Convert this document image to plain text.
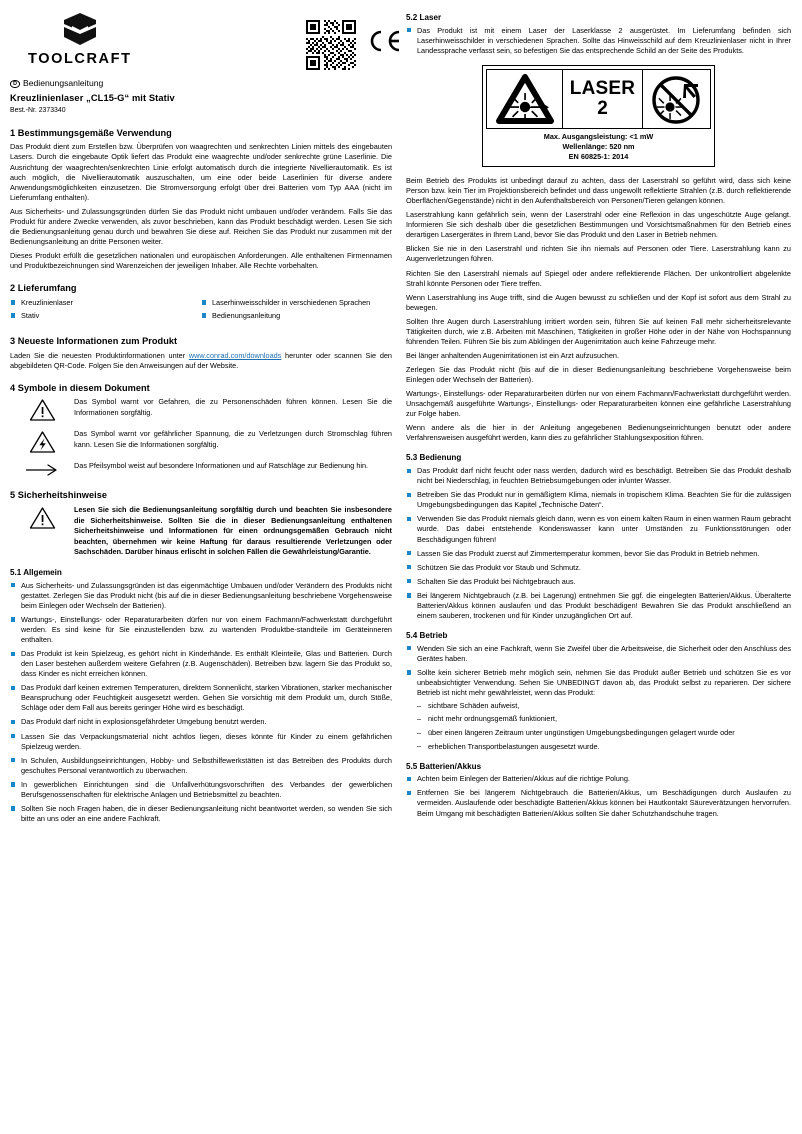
TOOLCRAFT
D Bedienungsanleitung
Kreuzlinienlaser „CL15-G“ mit Stativ
Best.-Nr. 2373340
1 Bestimmungsgemäße Verwendung

Das Produkt dient zum Erstellen bzw. Überprüfen von waagrechten und senkrechten Linien mittels des eingebauten Lasers. Durch die eingebaute Optik liefert das Produkt eine waagrechte und/oder senkrechte grüne Laserlinie. Die Ausrichtung der waagrechten/senkrechten Linie erfolgt automatisch durch die integrierte Nivellierautomatik. Es ist auch möglich, die Nivellierautomatik auszuschalten, um eine oder beide Laserlinien für diverse andere Anwendungsmöglichkeiten einzusetzen. Die Stromversorgung erfolgt über drei Batterien vom Typ AAA (nicht im Lieferumfang enthalten).

Aus Sicherheits- und Zulassungsgründen dürfen Sie das Produkt nicht umbauen und/oder verändern. Falls Sie das Produkt für andere Zwecke verwenden, als zuvor beschrieben, kann das Produkt beschädigt werden. Lesen Sie sich die Bedienungsanleitung genau durch und bewahren Sie diese auf. Reichen Sie das Produkt nur zusammen mit der Bedienungsanleitung an dritte Personen weiter.

Dieses Produkt erfüllt die gesetzlichen nationalen und europäischen Anforderungen. Alle enthaltenen Firmennamen und Produktbezeichnungen sind Warenzeichen der jeweiligen Inhaber. Alle Rechte vorbehalten.

2 Lieferumfang
Kreuzlinienlaser
Stativ
Laserhinweisschilder in verschiedenen Sprachen
Bedienungsanleitung
3 Neueste Informationen zum Produkt

Laden Sie die neuesten Produktinformationen unter www.conrad.com/downloads herunter oder scannen Sie den abgebildeten QR-Code. Folgen Sie den Anweisungen auf der Website.

4 Symbole in diesem Dokument
Das Symbol warnt vor Gefahren, die zu Personenschäden führen können. Lesen Sie die Informationen sorgfältig.
Das Symbol warnt vor gefährlicher Spannung, die zu Verletzungen durch Stromschlag führen kann. Lesen Sie die Informationen sorgfältig.
Das Pfeilsymbol weist auf besondere Informationen und auf Ratschläge zur Bedienung hin.
5 Sicherheitshinweise
Lesen Sie sich die Bedienungsanleitung sorgfältig durch und beachten Sie insbesondere die Sicherheitshinweise. Sollten Sie die in dieser Bedienungsanleitung enthaltenen Sicherheitshinweise und Informationen für einen ordnungsgemäßen Gebrauch nicht beachten, übernehmen wir keine Haftung für daraus resultierende Verletzungen oder Sachschäden. Darüber hinaus erlischt in solchen Fällen die Gewährleistung/Garantie.
5.1 Allgemein
Aus Sicherheits- und Zulassungsgründen ist das eigenmächtige Umbauen und/oder Verändern des Produkts nicht gestattet. Zerlegen Sie das Produkt nicht (bis auf die in dieser Bedienungsanleitung beschriebene Vorgehensweise beim Einlegen oder Wechseln der Batterien).
Wartungs-, Einstellungs- oder Reparaturarbeiten dürfen nur von einem Fachmann/Fachwerkstatt durchgeführt werden. Es sind keine für Sie einzustellenden bzw. zu wartenden Produktbe-standteile im Geräteinneren enthalten.
Das Produkt ist kein Spielzeug, es gehört nicht in Kinderhände. Es enthält Kleinteile, Glas und Batterien. Durch den Laser bestehen außerdem weitere Gefahren (z.B. Augenschäden). Betreiben bzw. lagern Sie das Produkt so, dass Kinder es nicht erreichen können.
Das Produkt darf keinen extremen Temperaturen, direktem Sonnenlicht, starken Vibrationen, starker mechanischer Beanspruchung oder Feuchtigkeit ausgesetzt werden. Gehen Sie vorsichtig mit dem Produkt um, durch Stöße, Schläge oder dem Fall aus bereits geringer Höhe wird es beschädigt.
Das Produkt darf nicht in explosionsgefährdeter Umgebung benutzt werden.
Lassen Sie das Verpackungsmaterial nicht achtlos liegen, dieses könnte für Kinder zu einem gefährlichen Spielzeug werden.
In Schulen, Ausbildungseinrichtungen, Hobby- und Selbsthilfewerkstätten ist das Betreiben des Produkts durch geschultes Personal verantwortlich zu überwachen.
In gewerblichen Einrichtungen sind die Unfallverhütungsvorschriften des Verbandes der gewerblichen Berufsgenossenschaften für elektrische Anlagen und Betriebsmittel zu beachten.
Sollten Sie noch Fragen haben, die in dieser Bedienungsanleitung nicht beantwortet werden, so wenden Sie sich bitte an uns oder an eine andere Fachkraft.
5.2 Laser
Das Produkt ist mit einem Laser der Laserklasse 2 ausgerüstet. Im Lieferumfang befinden sich Laserhinweisschilder in verschiedenen Sprachen. Sollte das Hinweisschild auf dem Kreuzlinienlaser nicht in Ihrer Landessprache verfasst sein, so befestigen Sie das entsprechende Schild an der Seite des Produkts.
LASER
2
Max. Ausgangsleistung: <1 mW
Wellenlänge: 520 nm
EN 60825-1: 2014

Beim Betrieb des Produkts ist unbedingt darauf zu achten, dass der Laserstrahl so geführt wird, dass sich keine Person bzw. kein Tier im Projektionsbereich befindet und dass ungewollt reflektierte Strahlen (z.B. durch reflektierende Oberflächen/Gegenstände) nicht in den Aufenthaltsbereich von Personen/Tieren gelangen können.

Laserstrahlung kann gefährlich sein, wenn der Laserstrahl oder eine Reflexion in das ungeschützte Auge gelangt. Informieren Sie sich deshalb über die gesetzlichen Bestimmungen und Vorsichtsmaßnahmen für den Betrieb eines derartigen Lasergerätes in Ihrem Land, bevor Sie das Produkt und den Laser in Betrieb nehmen.

Blicken Sie nie in den Laserstrahl und richten Sie ihn niemals auf Personen oder Tiere. Laserstrahlung kann zu Augenverletzungen führen.

Richten Sie den Laserstrahl niemals auf Spiegel oder andere reflektierende Flächen. Der unkontrolliert abgelenkte Strahl könnte Personen oder Tiere treffen.

Wenn Laserstrahlung ins Auge trifft, sind die Augen bewusst zu schließen und der Kopf ist sofort aus dem Strahl zu bewegen.

Sollten Ihre Augen durch Laserstrahlung irritiert worden sein, führen Sie auf keinen Fall mehr sicherheitsrelevante Tätigkeiten durch, wie z.B. Arbeiten mit Maschinen, Tätigkeiten in großer Höhe oder in der Nähe von Hochspannung führenden Teilen. Führen Sie bis zum Abklingen der Augenirritation auch keine Fahrzeuge mehr.

Bei länger anhaltenden Augenirritationen ist ein Arzt aufzusuchen.

Zerlegen Sie das Produkt nicht (bis auf die in dieser Bedienungsanleitung beschriebene Vorgehensweise beim Einlegen oder Wechseln der Batterien).

Wartungs-, Einstellungs- oder Reparaturarbeiten dürfen nur von einem Fachmann/Fachwerkstatt durchgeführt werden. Unsachgemäß ausgeführte Wartungs-, Einstellungs- oder Reparaturarbeiten können eine gefährliche Laserstrahlung zur Folge haben.

Wenn andere als die hier in der Anleitung angegebenen Bedienungseinrichtungen benutzt oder andere Verfahrensweisen ausgeführt werden, kann dies zu gefährlicher Stahlungsexposition führen.

5.3 Bedienung
Das Produkt darf nicht feucht oder nass werden, dadurch wird es beschädigt. Betreiben Sie das Produkt deshalb nicht bei Niederschlag, in feuchten Betriebsumgebungen oder in/unter Wasser.
Betreiben Sie das Produkt nur in gemäßigtem Klima, niemals in tropischem Klima. Beachten Sie für die zulässigen Umgebungsbedingungen das Kapitel „Technische Daten“.
Verwenden Sie das Produkt niemals gleich dann, wenn es von einem kalten Raum in einen warmen Raum gebracht wurde. Das dabei entstehende Kondenswasser kann unter Umständen zu Funktionsstörungen oder Beschädigungen führen!
Lassen Sie das Produkt zuerst auf Zimmertemperatur kommen, bevor Sie das Produkt in Betrieb nehmen.
Schützen Sie das Produkt vor Staub und Schmutz.
Schalten Sie das Produkt bei Nichtgebrauch aus.
Bei längerem Nichtgebrauch (z.B. bei Lagerung) entnehmen Sie ggf. die eingelegten Batterien/Akkus. Überalterte Batterien/Akkus können auslaufen und das Produkt beschädigen! Bewahren Sie das Produkt anschließend an einem sauberen, trockenen und für Kinder unzugänglichen Ort auf.
5.4 Betrieb
Wenden Sie sich an eine Fachkraft, wenn Sie Zweifel über die Arbeitsweise, die Sicherheit oder den Anschluss des Gerätes haben.
Sollte kein sicherer Betrieb mehr möglich sein, nehmen Sie das Produkt außer Betrieb und schützen Sie es vor unbeabsichtigter Verwendung. Sehen Sie UNBEDINGT davon ab, das Produkt selbst zu reparieren. Der sichere Betrieb ist nicht mehr gewährleistet, wenn das Produkt:
– sichtbare Schäden aufweist,
– nicht mehr ordnungsgemäß funktioniert,
– über einen längeren Zeitraum unter ungünstigen Umgebungsbedingungen gelagert wurde oder
– erheblichen Transportbelastungen ausgesetzt wurde.
5.5 Batterien/Akkus
Achten beim Einlegen der Batterien/Akkus auf die richtige Polung.
Entfernen Sie bei längerem Nichtgebrauch die Batterien/Akkus, um Beschädigungen durch Auslaufen zu vermeiden. Auslaufende oder beschädigte Batterien/Akkus können bei Hautkontakt Säureverätzungen hervorrufen. Beim Umgang mit beschädigten Batterien/Akkus sollten Sie daher Schutzhandschuhe tragen.
